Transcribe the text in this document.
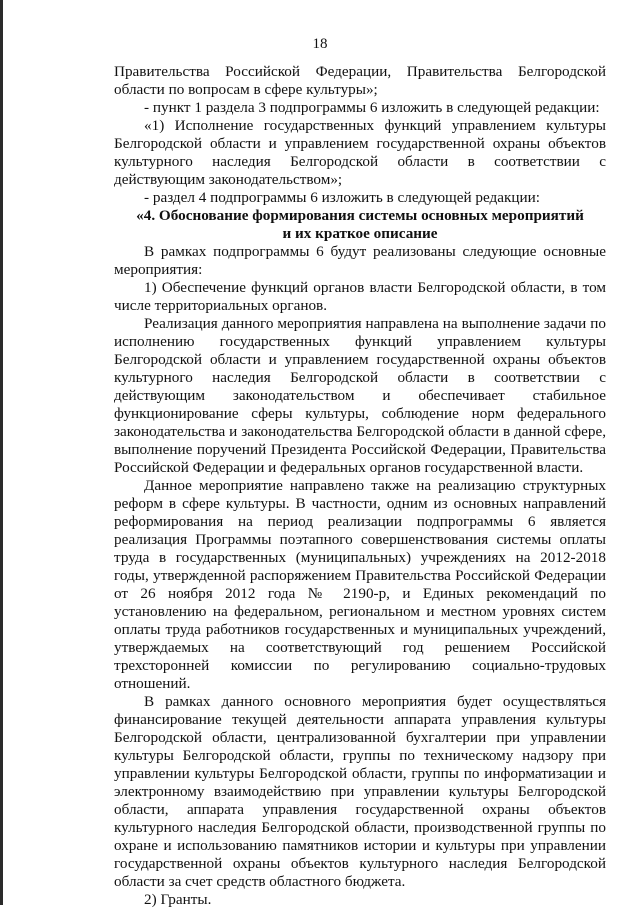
18

Правительства Российской Федерации, Правительства Белгородской области по вопросам в сфере культуры»;

- пункт 1 раздела 3 подпрограммы 6 изложить в следующей редакции:

«1) Исполнение государственных функций управлением культуры Белгородской области и управлением государственной охраны объектов культурного наследия Белгородской области в соответствии с действующим законодательством»;

- раздел 4 подпрограммы 6 изложить в следующей редакции:

«4. Обоснование формирования системы основных мероприятий
и их краткое описание

В рамках подпрограммы 6 будут реализованы следующие основные мероприятия:

1) Обеспечение функций органов власти Белгородской области, в том числе территориальных органов.

Реализация данного мероприятия направлена на выполнение задачи по исполнению государственных функций управлением культуры Белгородской области и управлением государственной охраны объектов культурного наследия Белгородской области в соответствии с действующим законодательством и обеспечивает стабильное функционирование сферы культуры, соблюдение норм федерального законодательства и законодательства Белгородской области в данной сфере, выполнение поручений Президента Российской Федерации, Правительства Российской Федерации и федеральных органов государственной власти.

Данное мероприятие направлено также на реализацию структурных реформ в сфере культуры. В частности, одним из основных направлений реформирования на период реализации подпрограммы 6 является реализация Программы поэтапного совершенствования системы оплаты труда в государственных (муниципальных) учреждениях на 2012-2018 годы, утвержденной распоряжением Правительства Российской Федерации от 26 ноября 2012 года № 2190-р, и Единых рекомендаций по установлению на федеральном, региональном и местном уровнях систем оплаты труда работников государственных и муниципальных учреждений, утверждаемых на соответствующий год решением Российской трехсторонней комиссии по регулированию социально-трудовых отношений.

В рамках данного основного мероприятия будет осуществляться финансирование текущей деятельности аппарата управления культуры Белгородской области, централизованной бухгалтерии при управлении культуры Белгородской области, группы по техническому надзору при управлении культуры Белгородской области, группы по информатизации и электронному взаимодействию при управлении культуры Белгородской области, аппарата управления государственной охраны объектов культурного наследия Белгородской области, производственной группы по охране и использованию памятников истории и культуры при управлении государственной охраны объектов культурного наследия Белгородской области за счет средств областного бюджета.

2) Гранты.
